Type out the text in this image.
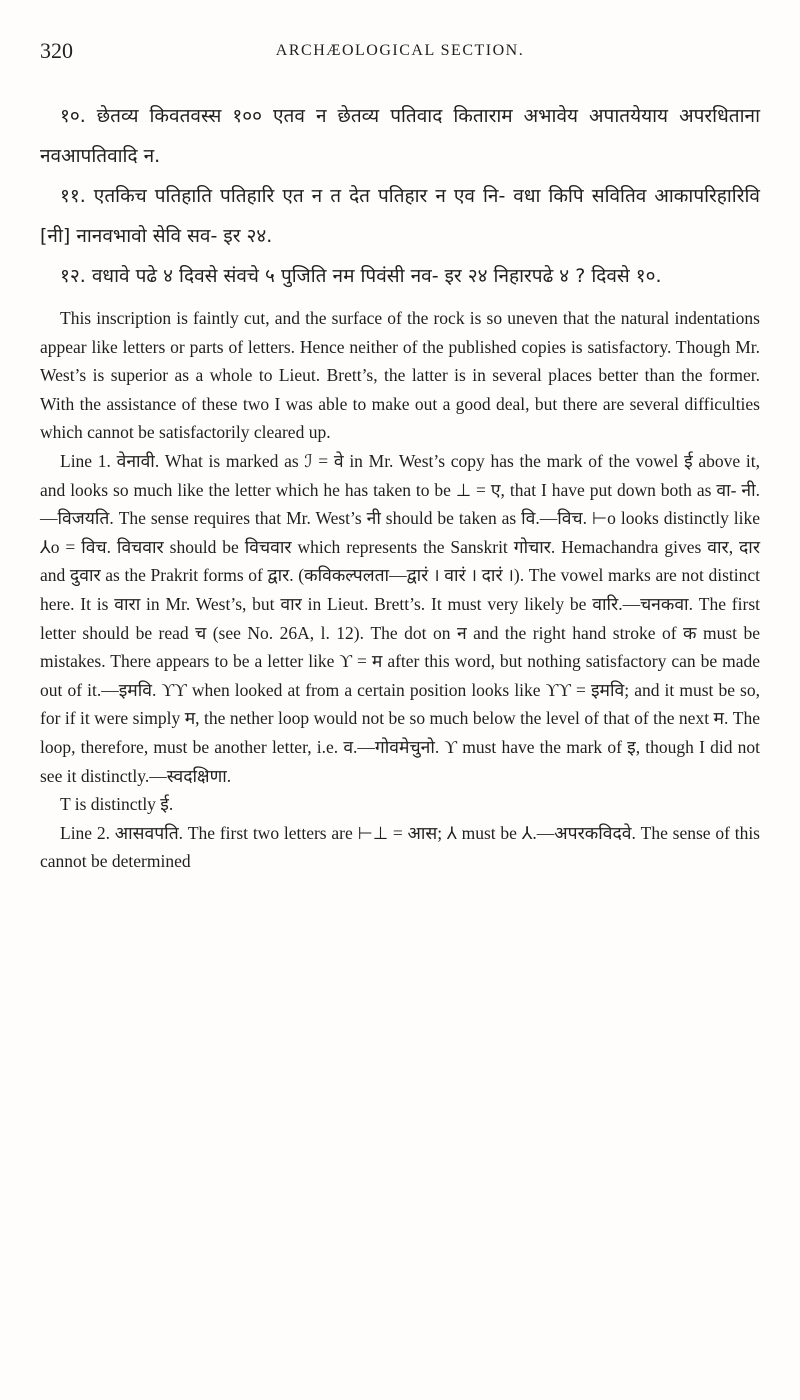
320	ARCHÆOLOGICAL SECTION.

१०. छेतव्य किवतवस्स १०० एतव न छेतव्य पतिवाद किताराम अभावेय अपातयेयाय अपरधिताना नवआपतिवादि न.

११. एतकिच पतिहाति पतिहारि एत न त देत पतिहार न एव नि- वधा किपि सवितिव आकापरिहारिवि [नी] नानवभावो सेवि सव- इर २४.

१२. वधावे पढे ४ दिवसे संवचे ५ पुजिति नम पिवंसी नव- इर २४ निहारपढे ४ ? दिवसे १०.

This inscription is faintly cut, and the surface of the rock is so uneven that the natural indentations appear like letters or parts of letters. Hence neither of the published copies is satisfactory. Though Mr. West’s is superior as a whole to Lieut. Brett’s, the latter is in several places better than the former. With the assistance of these two I was able to make out a good deal, but there are several difficulties which cannot be satisfactorily cleared up.

Line 1. वेनावी. What is marked as ℐ = वे in Mr. West’s copy has the mark of the vowel ई above it, and looks so much like the letter which he has taken to be ⊥ = ए, that I have put down both as वा- नी.—विजयति. The sense requires that Mr. West’s नी should be taken as वि.—विच. ⊢o looks distinctly like ⅄o = विच. विचवार should be विचवार which represents the Sanskrit गोचार. Hemachandra gives वार, दार and दुवार as the Prakrit forms of द्वार. (कविकल्पलता—द्वारं । वारं । दारं ।). The vowel marks are not distinct here. It is वारा in Mr. West’s, but वार in Lieut. Brett’s. It must very likely be वारि.—चनकवा. The first letter should be read च (see No. 26A, l. 12). The dot on न and the right hand stroke of क must be mistakes. There appears to be a letter like ϒ = म after this word, but nothing satisfactory can be made out of it.—इमवि. ϒϒ when looked at from a certain position looks like ϒϒ = इमवि; and it must be so, for if it were simply म, the nether loop would not be so much below the level of that of the next म. The loop, therefore, must be another letter, i.e. व.—गोवमेचुनो. ϒ must have the mark of इ, though I did not see it distinctly.—स्वदक्षिणा.

T is distinctly ई.

Line 2. आसवपति. The first two letters are ⊢⊥ = आस; ⅄ must be ⅄.—अपरकविदवे. The sense of this cannot be determined
